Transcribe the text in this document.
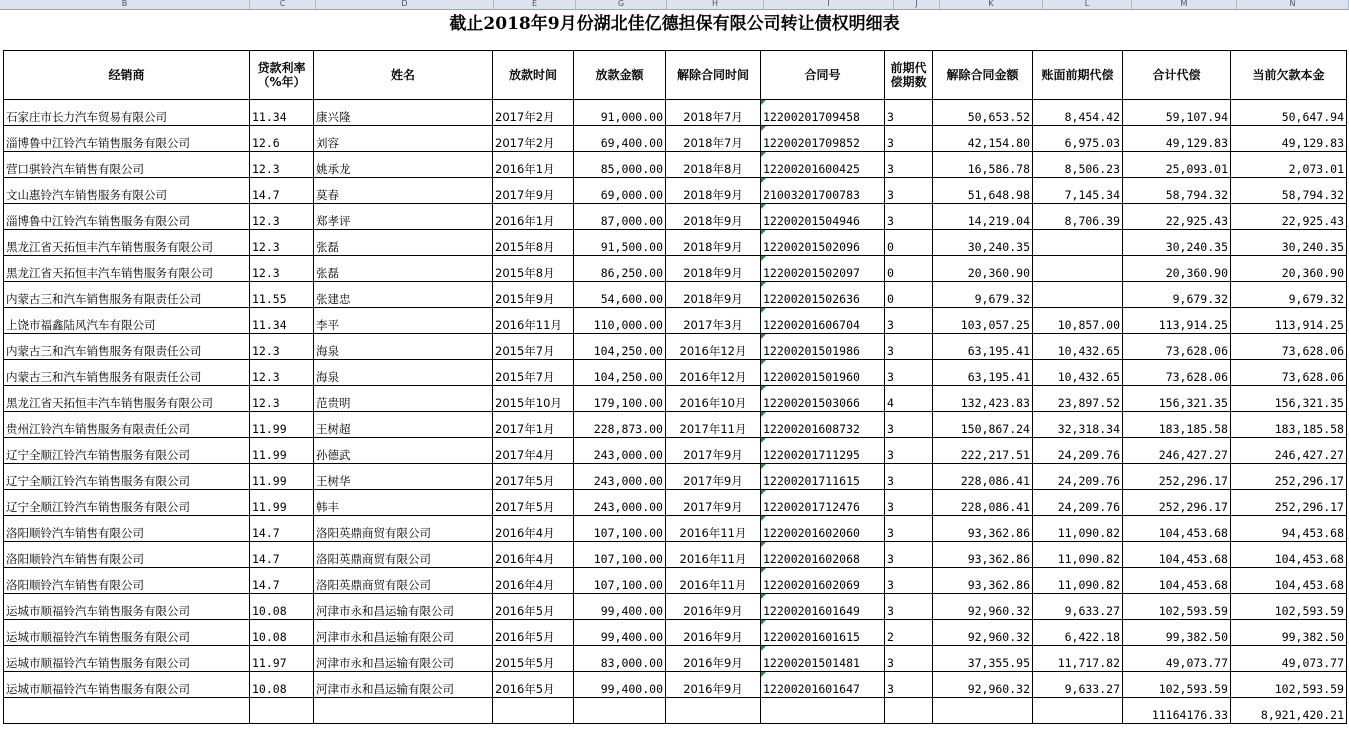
B	C	D	E	G	H	I	J	K	L	M	N
截止2018年9月份湖北佳亿德担保有限公司转让债权明细表
经销商	贷款利率（%年）	姓名	放款时间	放款金额	解除合同时间	合同号	前期代偿期数	解除合同金额	账面前期代偿	合计代偿	当前欠款本金
石家庄市长力汽车贸易有限公司	11.34	康兴隆	2017年2月	91,000.00	2018年7月	12200201709458	3	50,653.52	8,454.42	59,107.94	50,647.94
淄博鲁中江铃汽车销售服务有限公司	12.6	刘容	2017年2月	69,400.00	2018年7月	12200201709852	3	42,154.80	6,975.03	49,129.83	49,129.83
营口骐铃汽车销售有限公司	12.3	姚承龙	2016年1月	85,000.00	2018年8月	12200201600425	3	16,586.78	8,506.23	25,093.01	2,073.01
文山惠铃汽车销售服务有限公司	14.7	莫春	2017年9月	69,000.00	2018年9月	21003201700783	3	51,648.98	7,145.34	58,794.32	58,794.32
淄博鲁中江铃汽车销售服务有限公司	12.3	郑孝评	2016年1月	87,000.00	2018年9月	12200201504946	3	14,219.04	8,706.39	22,925.43	22,925.43
黑龙江省天拓恒丰汽车销售服务有限公司	12.3	张磊	2015年8月	91,500.00	2018年9月	12200201502096	0	30,240.35		30,240.35	30,240.35
黑龙江省天拓恒丰汽车销售服务有限公司	12.3	张磊	2015年8月	86,250.00	2018年9月	12200201502097	0	20,360.90		20,360.90	20,360.90
内蒙古三和汽车销售服务有限责任公司	11.55	张建忠	2015年9月	54,600.00	2018年9月	12200201502636	0	9,679.32		9,679.32	9,679.32
上饶市福鑫陆风汽车有限公司	11.34	李平	2016年11月	110,000.00	2017年3月	12200201606704	3	103,057.25	10,857.00	113,914.25	113,914.25
内蒙古三和汽车销售服务有限责任公司	12.3	海泉	2015年7月	104,250.00	2016年12月	12200201501986	3	63,195.41	10,432.65	73,628.06	73,628.06
内蒙古三和汽车销售服务有限责任公司	12.3	海泉	2015年7月	104,250.00	2016年12月	12200201501960	3	63,195.41	10,432.65	73,628.06	73,628.06
黑龙江省天拓恒丰汽车销售服务有限公司	12.3	范贵明	2015年10月	179,100.00	2016年10月	12200201503066	4	132,423.83	23,897.52	156,321.35	156,321.35
贵州江铃汽车销售服务有限责任公司	11.99	王树超	2017年1月	228,873.00	2017年11月	12200201608732	3	150,867.24	32,318.34	183,185.58	183,185.58
辽宁全顺江铃汽车销售服务有限公司	11.99	孙德武	2017年4月	243,000.00	2017年9月	12200201711295	3	222,217.51	24,209.76	246,427.27	246,427.27
辽宁全顺江铃汽车销售服务有限公司	11.99	王树华	2017年5月	243,000.00	2017年9月	12200201711615	3	228,086.41	24,209.76	252,296.17	252,296.17
辽宁全顺江铃汽车销售服务有限公司	11.99	韩丰	2017年5月	243,000.00	2017年9月	12200201712476	3	228,086.41	24,209.76	252,296.17	252,296.17
洛阳顺铃汽车销售有限公司	14.7	洛阳英鼎商贸有限公司	2016年4月	107,100.00	2016年11月	12200201602060	3	93,362.86	11,090.82	104,453.68	94,453.68
洛阳顺铃汽车销售有限公司	14.7	洛阳英鼎商贸有限公司	2016年4月	107,100.00	2016年11月	12200201602068	3	93,362.86	11,090.82	104,453.68	104,453.68
洛阳顺铃汽车销售有限公司	14.7	洛阳英鼎商贸有限公司	2016年4月	107,100.00	2016年11月	12200201602069	3	93,362.86	11,090.82	104,453.68	104,453.68
运城市顺福铃汽车销售服务有限公司	10.08	河津市永和昌运输有限公司	2016年5月	99,400.00	2016年9月	12200201601649	3	92,960.32	9,633.27	102,593.59	102,593.59
运城市顺福铃汽车销售服务有限公司	10.08	河津市永和昌运输有限公司	2016年5月	99,400.00	2016年9月	12200201601615	2	92,960.32	6,422.18	99,382.50	99,382.50
运城市顺福铃汽车销售服务有限公司	11.97	河津市永和昌运输有限公司	2015年5月	83,000.00	2016年9月	12200201501481	3	37,355.95	11,717.82	49,073.77	49,073.77
运城市顺福铃汽车销售服务有限公司	10.08	河津市永和昌运输有限公司	2016年5月	99,400.00	2016年9月	12200201601647	3	92,960.32	9,633.27	102,593.59	102,593.59
										11164176.33	8,921,420.21
